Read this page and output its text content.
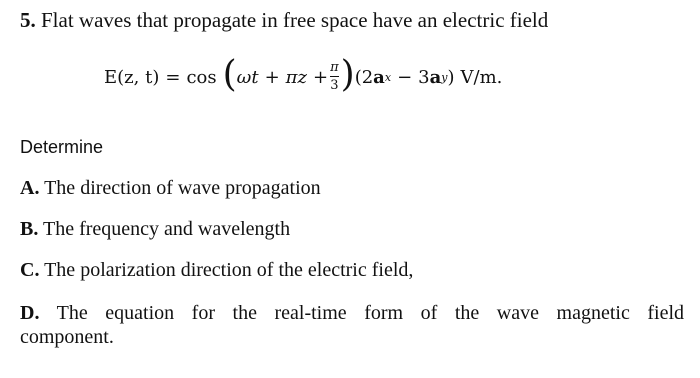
5. Flat waves that propagate in free space have an electric field
E(z, t) = cos ( $\omega t + \pi z + \frac{\pi}{3}$ ) ( 2 a x − 3 a y ) V/m.
Determine
A. The direction of wave propagation
B. The frequency and wavelength
C. The polarization direction of the electric field,
D. The equation for the real-time form of the wave magnetic field
component.
